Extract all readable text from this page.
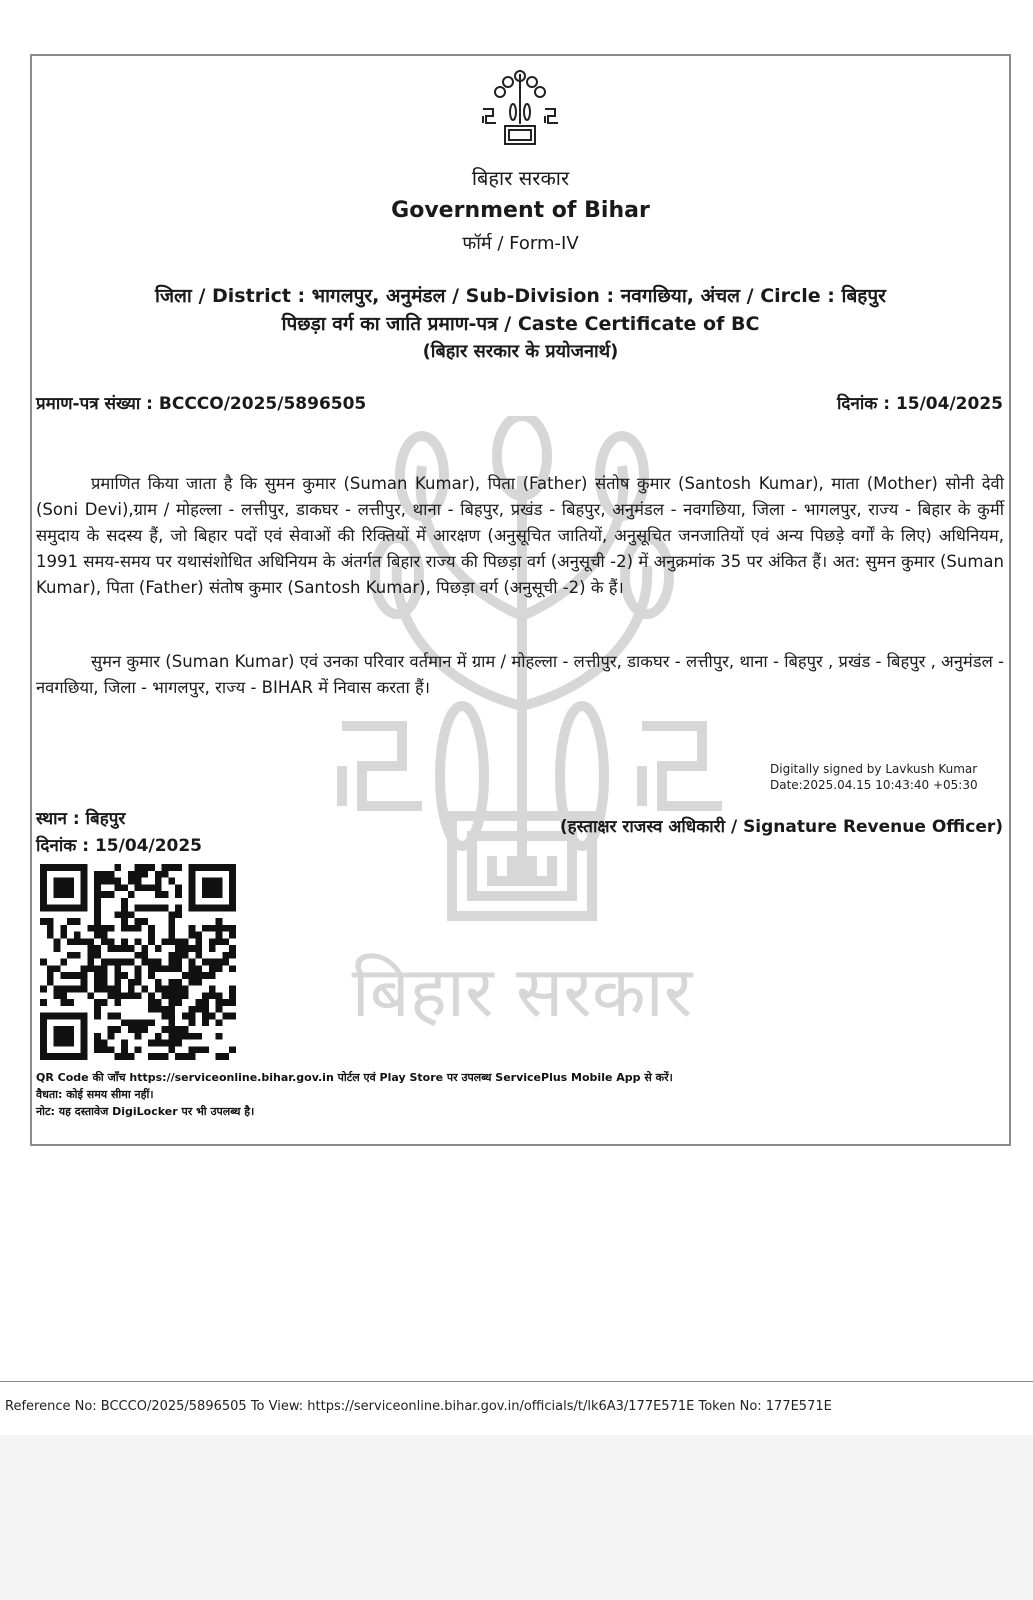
बिहार सरकार
बिहार सरकार
Government of Bihar
फॉर्म / Form-IV
जिला / District : भागलपुर, अनुमंडल / Sub-Division : नवगछिया, अंचल / Circle : बिहपुर
पिछड़ा वर्ग का जाति प्रमाण-पत्र / Caste Certificate of BC
(बिहार सरकार के प्रयोजनार्थ)
प्रमाण-पत्र संख्या : BCCCO/2025/5896505	दिनांक : 15/04/2025

प्रमाणित किया जाता है कि सुमन कुमार (Suman Kumar), पिता (Father) संतोष कुमार (Santosh Kumar), माता (Mother) सोनी देवी (Soni Devi),ग्राम / मोहल्ला - लत्तीपुर, डाकघर - लत्तीपुर, थाना - बिहपुर, प्रखंड - बिहपुर, अनुमंडल - नवगछिया, जिला - भागलपुर, राज्य - बिहार के कुर्मी समुदाय के सदस्य हैं, जो बिहार पदों एवं सेवाओं की रिक्तियों में आरक्षण (अनुसूचित जातियों, अनुसूचित जनजातियों एवं अन्य पिछड़े वर्गों के लिए) अधिनियम, 1991 समय-समय पर यथासंशोधित अधिनियम के अंतर्गत बिहार राज्य की पिछड़ा वर्ग (अनुसूची -2) में अनुक्रमांक 35 पर अंकित हैं। अत: सुमन कुमार (Suman Kumar), पिता (Father) संतोष कुमार (Santosh Kumar), पिछड़ा वर्ग (अनुसूची -2) के हैं।

सुमन कुमार (Suman Kumar) एवं उनका परिवार वर्तमान में ग्राम / मोहल्ला - लत्तीपुर, डाकघर - लत्तीपुर, थाना - बिहपुर , प्रखंड - बिहपुर , अनुमंडल - नवगछिया, जिला - भागलपुर, राज्य - BIHAR में निवास करता हैं।

Digitally signed by Lavkush Kumar
Date:2025.04.15 10:43:40 +05:30
स्थान : बिहपुर
दिनांक : 15/04/2025
(हस्ताक्षर राजस्व अधिकारी / Signature Revenue Officer)
QR Code की जाँच https://serviceonline.bihar.gov.in पोर्टल एवं Play Store पर उपलब्ध ServicePlus Mobile App से करें।
वैधता: कोई समय सीमा नहीं।
नोट: यह दस्तावेज DigiLocker पर भी उपलब्ध है।
Reference No: BCCCO/2025/5896505 To View: https://serviceonline.bihar.gov.in/officials/t/lk6A3/177E571E Token No: 177E571E
